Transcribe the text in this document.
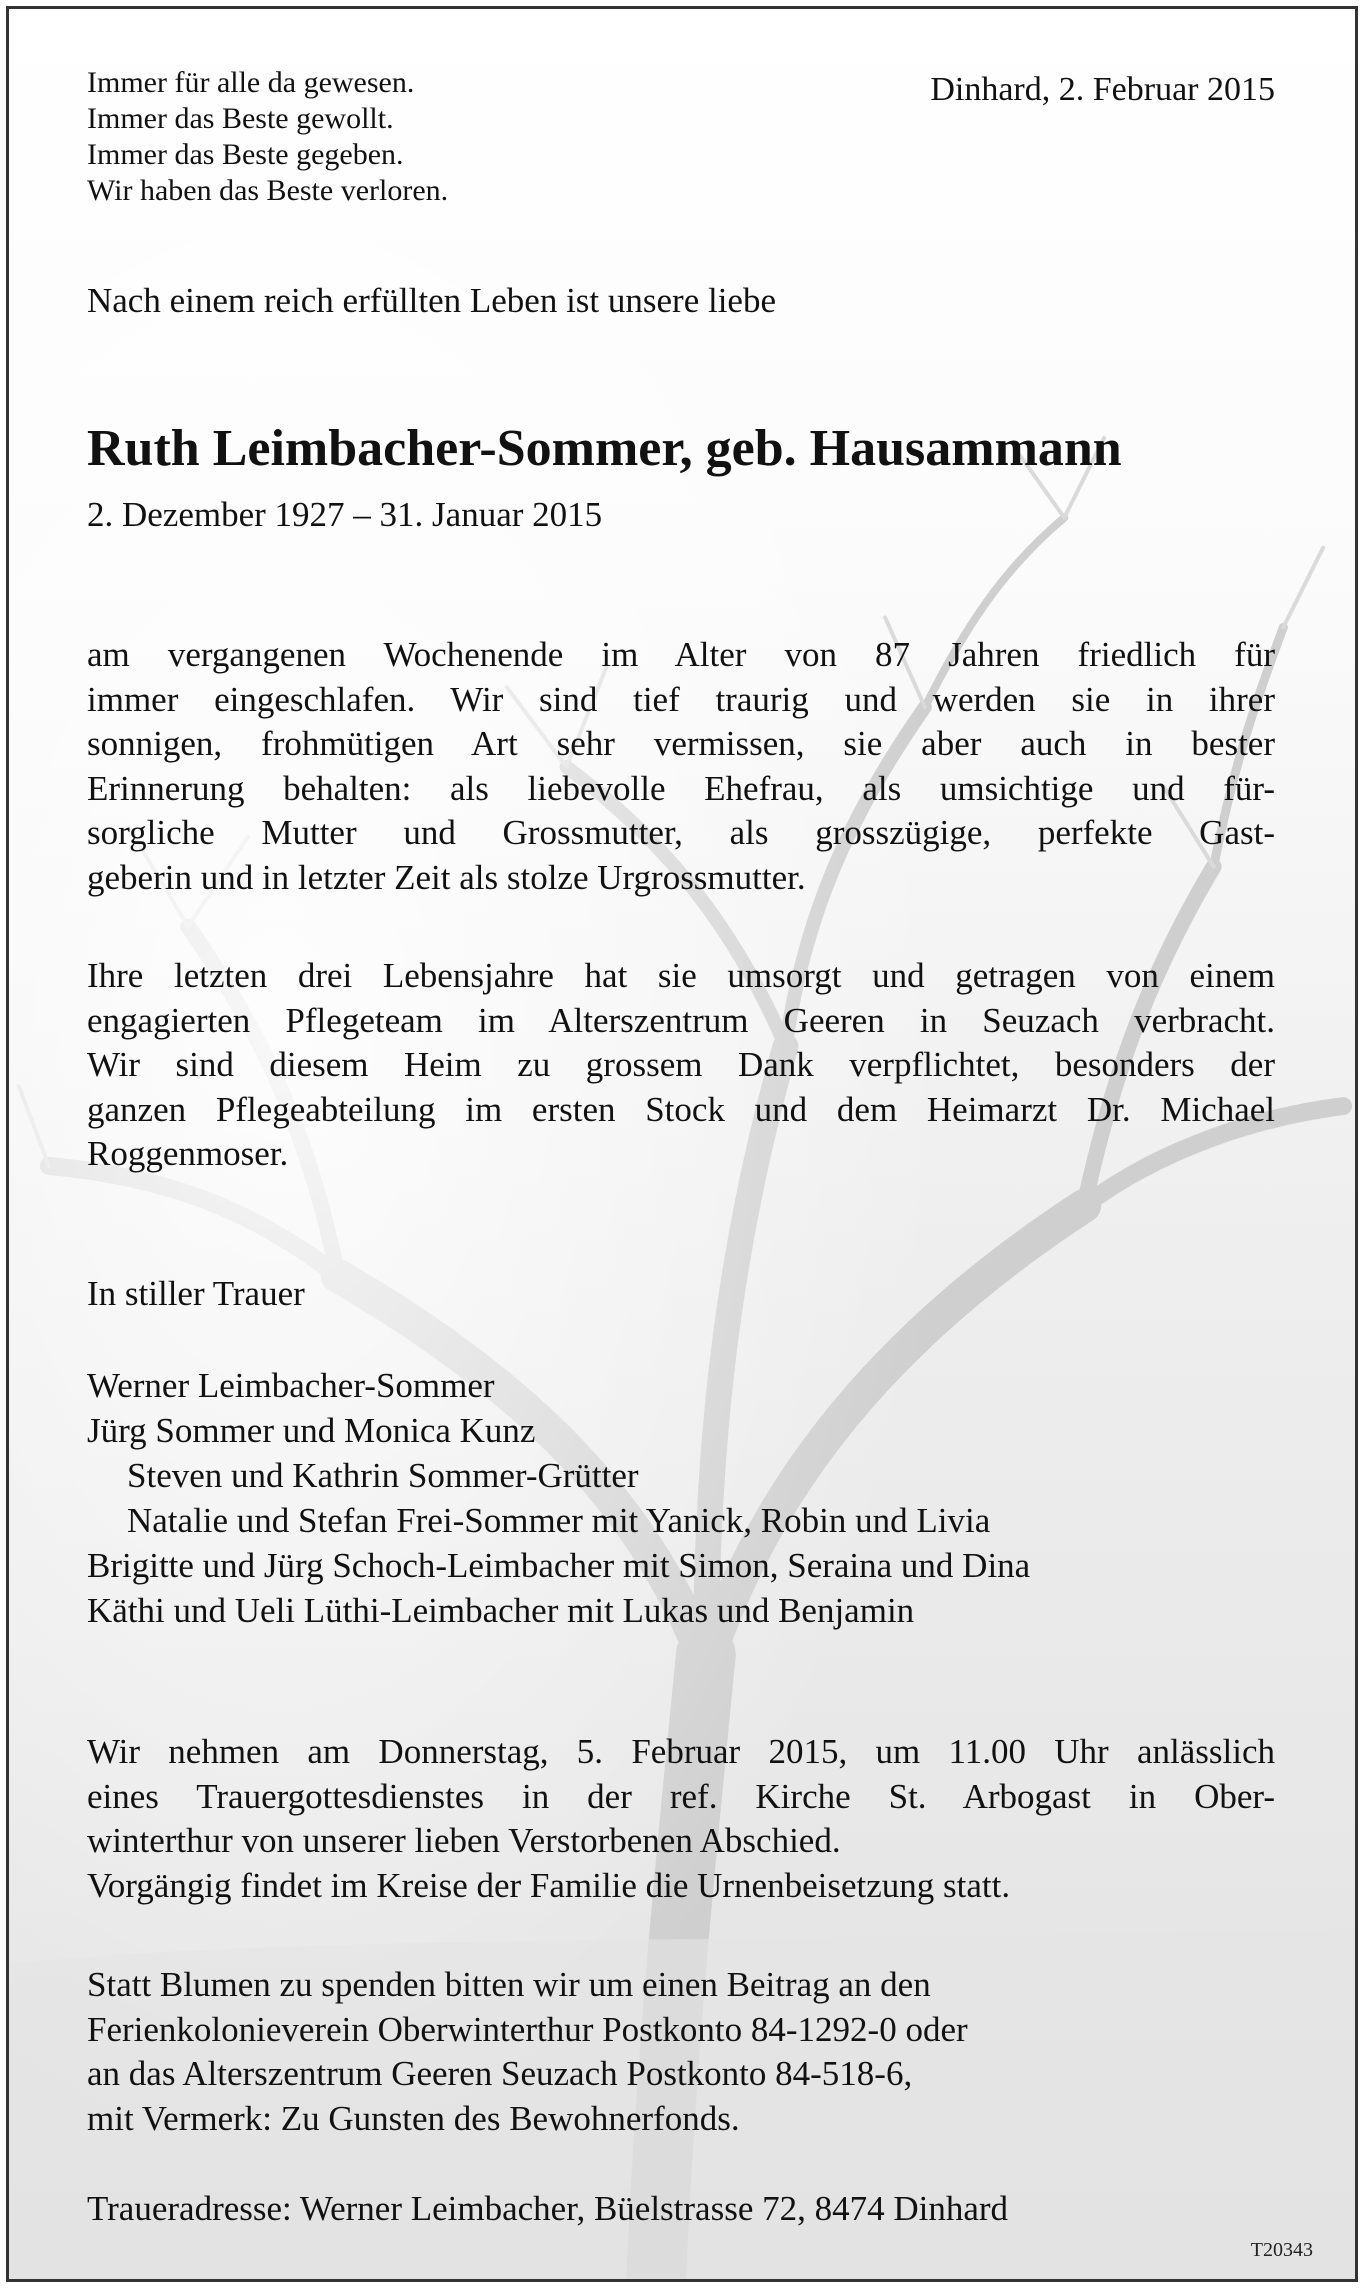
Immer für alle da gewesen.
Immer das Beste gewollt.
Immer das Beste gegeben.
Wir haben das Beste verloren.
Dinhard, 2. Februar 2015
Nach einem reich erfüllten Leben ist unsere liebe
Ruth Leimbacher-Sommer, geb. Hausammann
2. Dezember 1927 – 31. Januar 2015

am vergangenen Wochenende im Alter von 87 Jahren friedlich für
immer eingeschlafen. Wir sind tief traurig und werden sie in ihrer
sonnigen, frohmütigen Art sehr vermissen, sie aber auch in bester
Erinnerung behalten: als liebevolle Ehefrau, als umsichtige und für-
sorgliche Mutter und Grossmutter, als grosszügige, perfekte Gast-
geberin und in letzter Zeit als stolze Urgrossmutter.

Ihre letzten drei Lebensjahre hat sie umsorgt und getragen von einem
engagierten Pflegeteam im Alterszentrum Geeren in Seuzach verbracht.
Wir sind diesem Heim zu grossem Dank verpflichtet, besonders der
ganzen Pflegeabteilung im ersten Stock und dem Heimarzt Dr. Michael
Roggenmoser.

In stiller Trauer
Werner Leimbacher-Sommer
Jürg Sommer und Monica Kunz
Steven und Kathrin Sommer-Grütter
Natalie und Stefan Frei-Sommer mit Yanick, Robin und Livia
Brigitte und Jürg Schoch-Leimbacher mit Simon, Seraina und Dina
Käthi und Ueli Lüthi-Leimbacher mit Lukas und Benjamin

Wir nehmen am Donnerstag, 5. Februar 2015, um 11.00 Uhr anlässlich
eines Trauergottesdienstes in der ref. Kirche St. Arbogast in Ober-
winterthur von unserer lieben Verstorbenen Abschied.
Vorgängig findet im Kreise der Familie die Urnenbeisetzung statt.

Statt Blumen zu spenden bitten wir um einen Beitrag an den
Ferienkoloniеverein Oberwinterthur Postkonto 84-1292-0 oder
an das Alterszentrum Geeren Seuzach Postkonto 84-518-6,
mit Vermerk: Zu Gunsten des Bewohnerfonds.

Traueradresse: Werner Leimbacher, Büelstrasse 72, 8474 Dinhard
T20343
